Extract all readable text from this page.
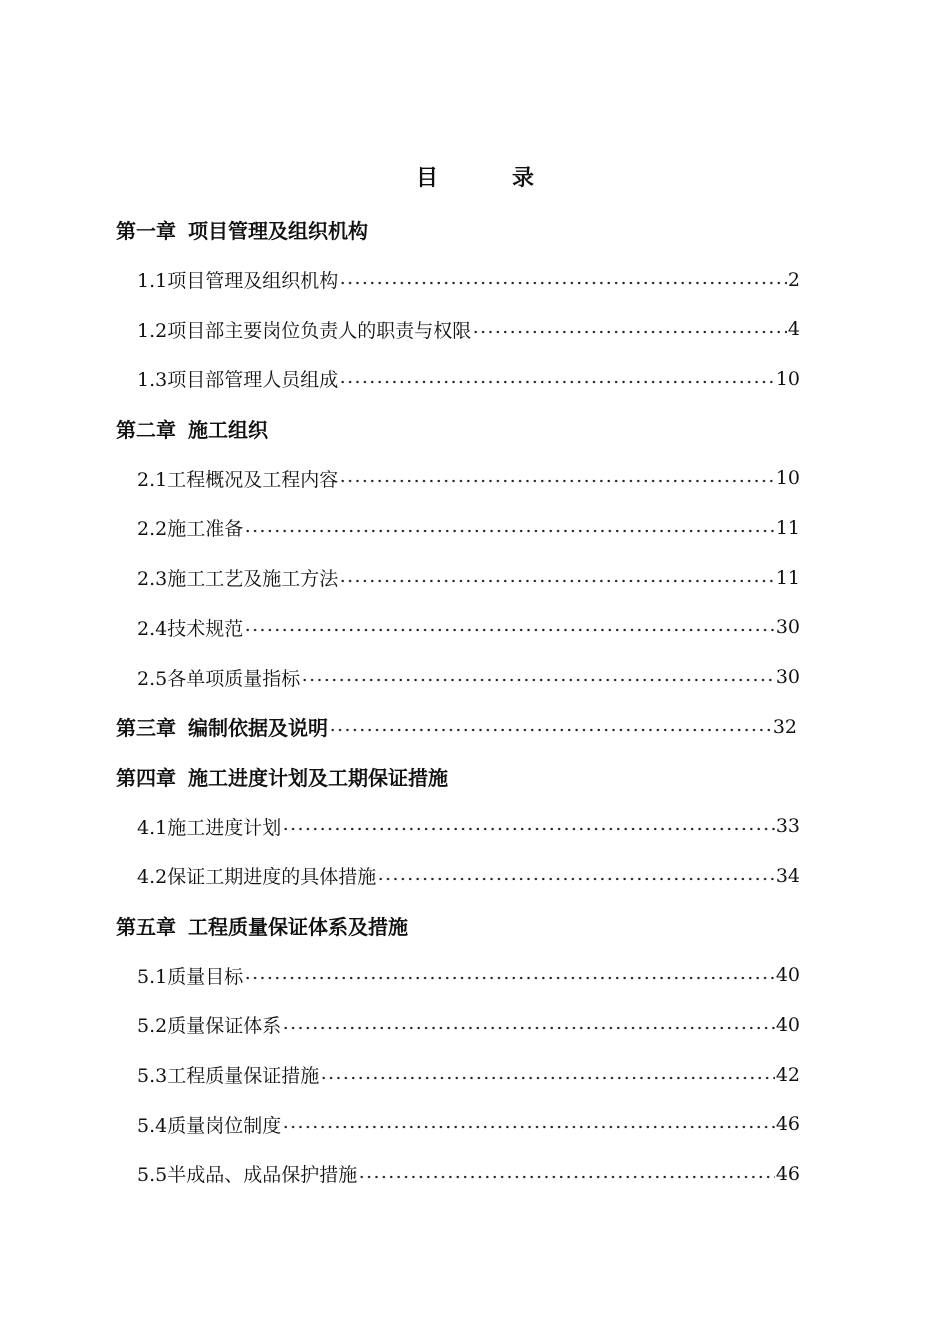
目	录
第一章 项目管理及组织机构
1.1项目管理及组织机构	2
1.2项目部主要岗位负责人的职责与权限	4
1.3项目部管理人员组成	10
第二章 施工组织
2.1工程概况及工程内容	10
2.2施工准备	11
2.3施工工艺及施工方法	11
2.4技术规范	30
2.5各单项质量指标	30
第三章 编制依据及说明	32
第四章 施工进度计划及工期保证措施
4.1施工进度计划	33
4.2保证工期进度的具体措施	34
第五章 工程质量保证体系及措施
5.1质量目标	40
5.2质量保证体系	40
5.3工程质量保证措施	42
5.4质量岗位制度	46
5.5半成品、成品保护措施	46
